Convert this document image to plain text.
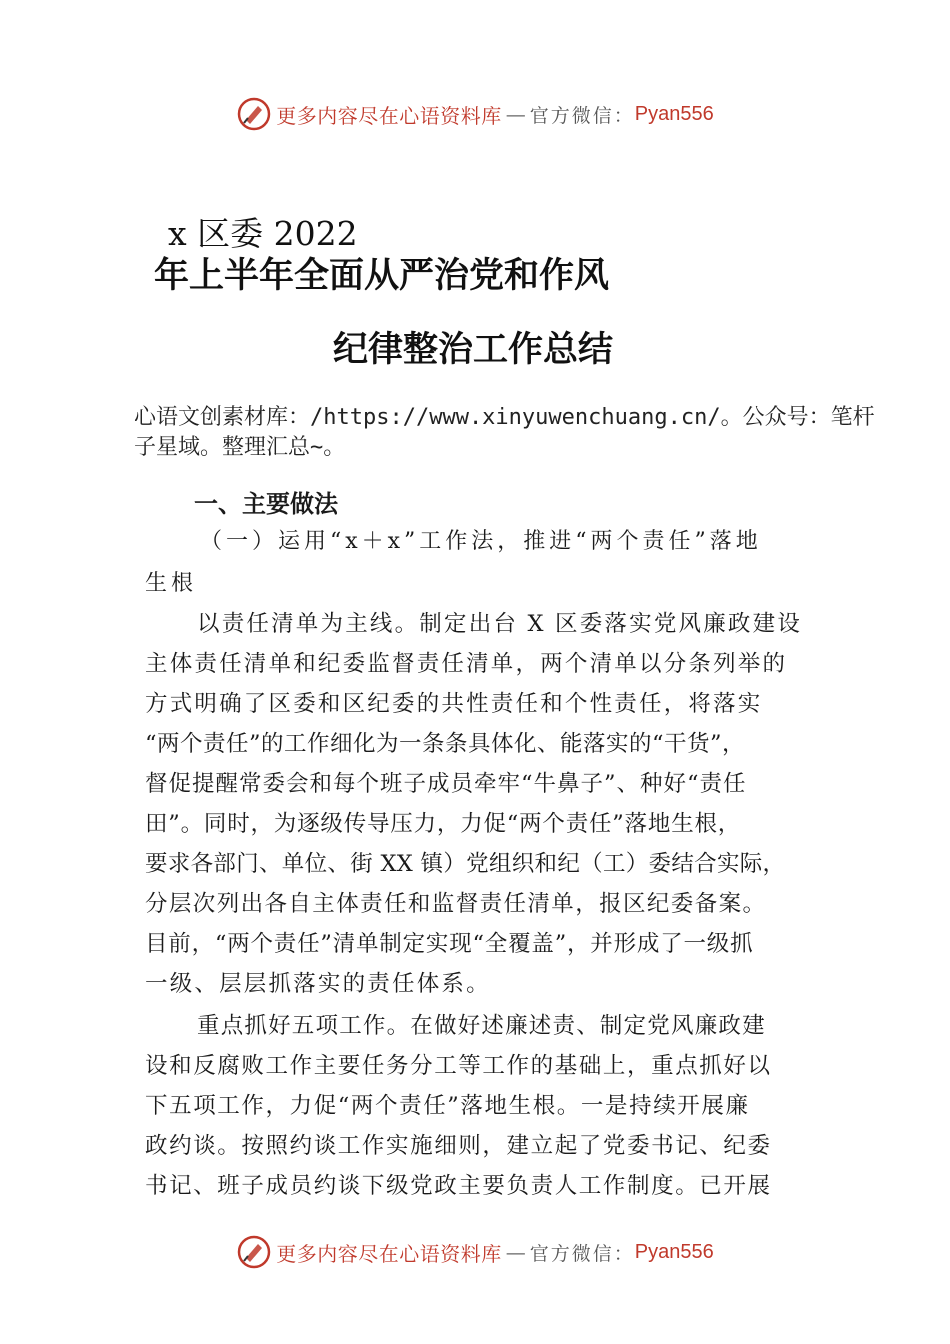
更多内容尽在心语资料库 — 官方微信： Pyan556
x 区委 2022
年上半年全面从严治党和作风
纪律整治工作总结
心语文创素材库：/https://www.xinyuwenchuang.cn/。公众号：笔杆子星域。整理汇总~。
一、主要做法
（一）运用“x＋x”工作法，推进“两个责任”落地
生根
以责任清单为主线。制定出台 X 区委落实党风廉政建设
主体责任清单和纪委监督责任清单，两个清单以分条列举的
方式明确了区委和区纪委的共性责任和个性责任，将落实
“两个责任”的工作细化为一条条具体化、能落实的“干货”，
督促提醒常委会和每个班子成员牵牢“牛鼻子”、种好“责任
田”。同时，为逐级传导压力，力促“两个责任”落地生根，
要求各部门、单位、街 XX 镇）党组织和纪（工）委结合实际，
分层次列出各自主体责任和监督责任清单，报区纪委备案。
目前，“两个责任”清单制定实现“全覆盖”，并形成了一级抓
一级、层层抓落实的责任体系。
重点抓好五项工作。在做好述廉述责、制定党风廉政建
设和反腐败工作主要任务分工等工作的基础上，重点抓好以
下五项工作，力促“两个责任”落地生根。一是持续开展廉
政约谈。按照约谈工作实施细则，建立起了党委书记、纪委
书记、班子成员约谈下级党政主要负责人工作制度。已开展
更多内容尽在心语资料库 — 官方微信： Pyan556
